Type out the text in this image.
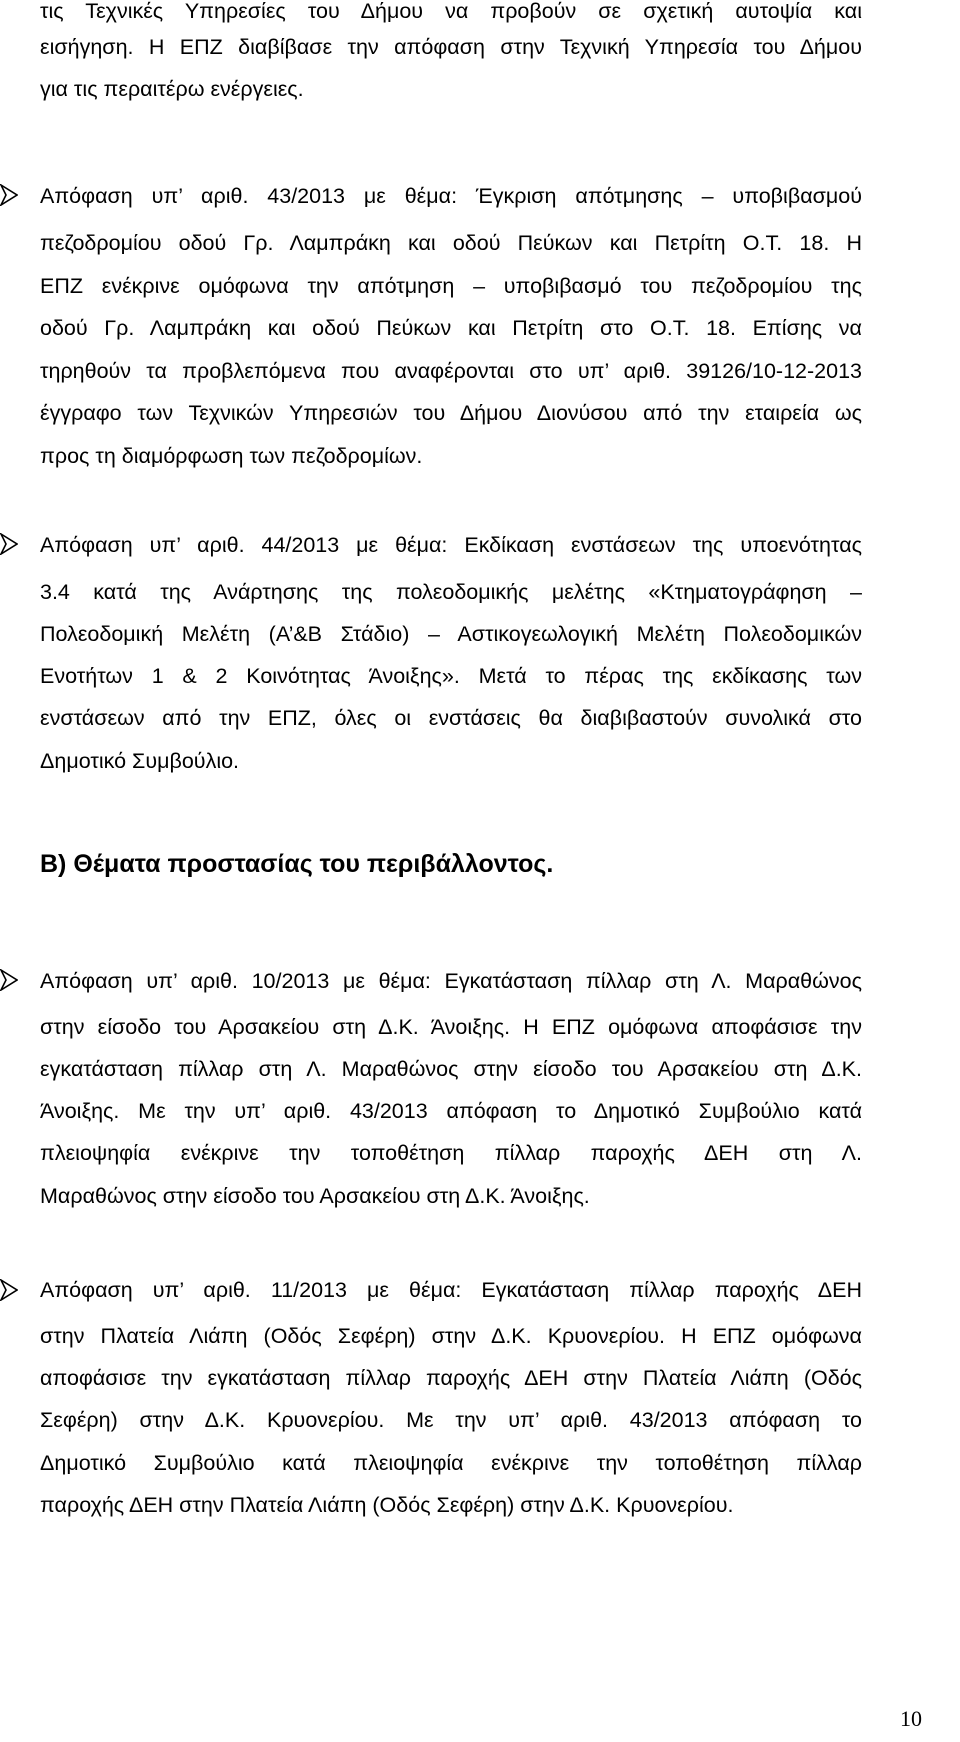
τις Τεχνικές Υπηρεσίες του Δήμου να προβούν σε σχετική αυτοψία και
εισήγηση. Η ΕΠΖ διαβίβασε την απόφαση στην Τεχνική Υπηρεσία του Δήμου
για τις περαιτέρω ενέργειες.
Απόφαση υπ’ αριθ. 43/2013 με θέμα: Έγκριση απότμησης – υποβιβασμού
πεζοδρομίου οδού Γρ. Λαμπράκη και οδού Πεύκων και Πετρίτη Ο.Τ. 18. Η
ΕΠΖ ενέκρινε ομόφωνα την απότμηση – υποβιβασμό του πεζοδρομίου της
οδού Γρ. Λαμπράκη και οδού Πεύκων και Πετρίτη στο Ο.Τ. 18. Επίσης να
τηρηθούν τα προβλεπόμενα που αναφέρονται στο υπ’ αριθ. 39126/10-12-2013
έγγραφο των Τεχνικών Υπηρεσιών του Δήμου Διονύσου από την εταιρεία ως
προς τη διαμόρφωση των πεζοδρομίων.
Απόφαση υπ’ αριθ. 44/2013 με θέμα: Εκδίκαση ενστάσεων της υποενότητας
3.4 κατά της Ανάρτησης της πολεοδομικής μελέτης «Κτηματογράφηση –
Πολεοδομική Μελέτη (Α’&Β Στάδιο) – Αστικογεωλογική Μελέτη Πολεοδομικών
Ενοτήτων 1 & 2 Κοινότητας Άνοιξης». Μετά το πέρας της εκδίκασης των
ενστάσεων από την ΕΠΖ, όλες οι ενστάσεις θα διαβιβαστούν συνολικά στο
Δημοτικό Συμβούλιο.
Β) Θέματα προστασίας του περιβάλλοντος.
Απόφαση υπ’ αριθ. 10/2013 με θέμα: Εγκατάσταση πίλλαρ στη Λ. Μαραθώνος
στην είσοδο του Αρσακείου στη Δ.Κ. Άνοιξης. Η ΕΠΖ ομόφωνα αποφάσισε την
εγκατάσταση πίλλαρ στη Λ. Μαραθώνος στην είσοδο του Αρσακείου στη Δ.Κ.
Άνοιξης. Με την υπ’ αριθ. 43/2013 απόφαση το Δημοτικό Συμβούλιο κατά
πλειοψηφία ενέκρινε την τοποθέτηση πίλλαρ παροχής ΔΕΗ στη Λ.
Μαραθώνος στην είσοδο του Αρσακείου στη Δ.Κ. Άνοιξης.
Απόφαση υπ’ αριθ. 11/2013 με θέμα: Εγκατάσταση πίλλαρ παροχής ΔΕΗ
στην Πλατεία Λιάπη (Οδός Σεφέρη) στην Δ.Κ. Κρυονερίου. Η ΕΠΖ ομόφωνα
αποφάσισε την εγκατάσταση πίλλαρ παροχής ΔΕΗ στην Πλατεία Λιάπη (Οδός
Σεφέρη) στην Δ.Κ. Κρυονερίου. Με την υπ’ αριθ. 43/2013 απόφαση το
Δημοτικό Συμβούλιο κατά πλειοψηφία ενέκρινε την τοποθέτηση πίλλαρ
παροχής ΔΕΗ στην Πλατεία Λιάπη (Οδός Σεφέρη) στην Δ.Κ. Κρυονερίου.
10
